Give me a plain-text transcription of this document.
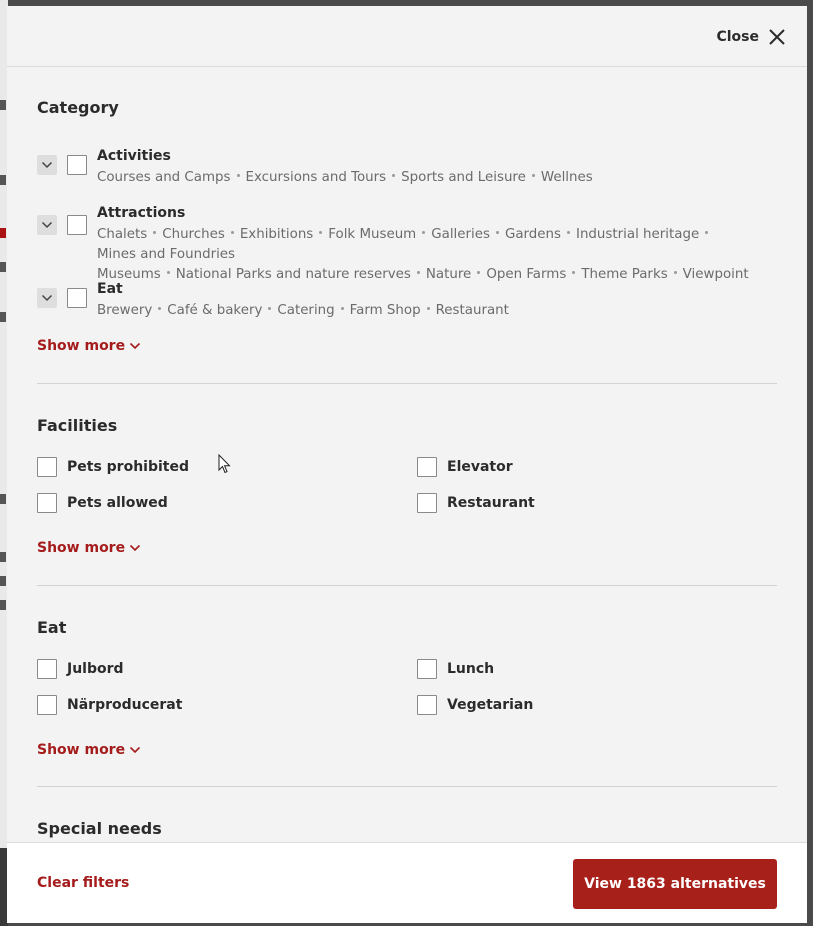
Close
Category
Activities
Courses and Camps Excursions and Tours Sports and Leisure Wellnes
Attractions
Chalets Churches Exhibitions Folk Museum Galleries Gardens Industrial heritageMines and Foundries
Museums National Parks and nature reserves Nature Open Farms Theme Parks Viewpoint
Eat
Brewery Café & bakery Catering Farm Shop Restaurant
Show more
Facilities
Pets prohibited	Elevator
Pets allowed	Restaurant
Show more
Eat
Julbord	Lunch
Närproducerat	Vegetarian
Show more
Special needs
Clear filters	View 1863 alternatives
